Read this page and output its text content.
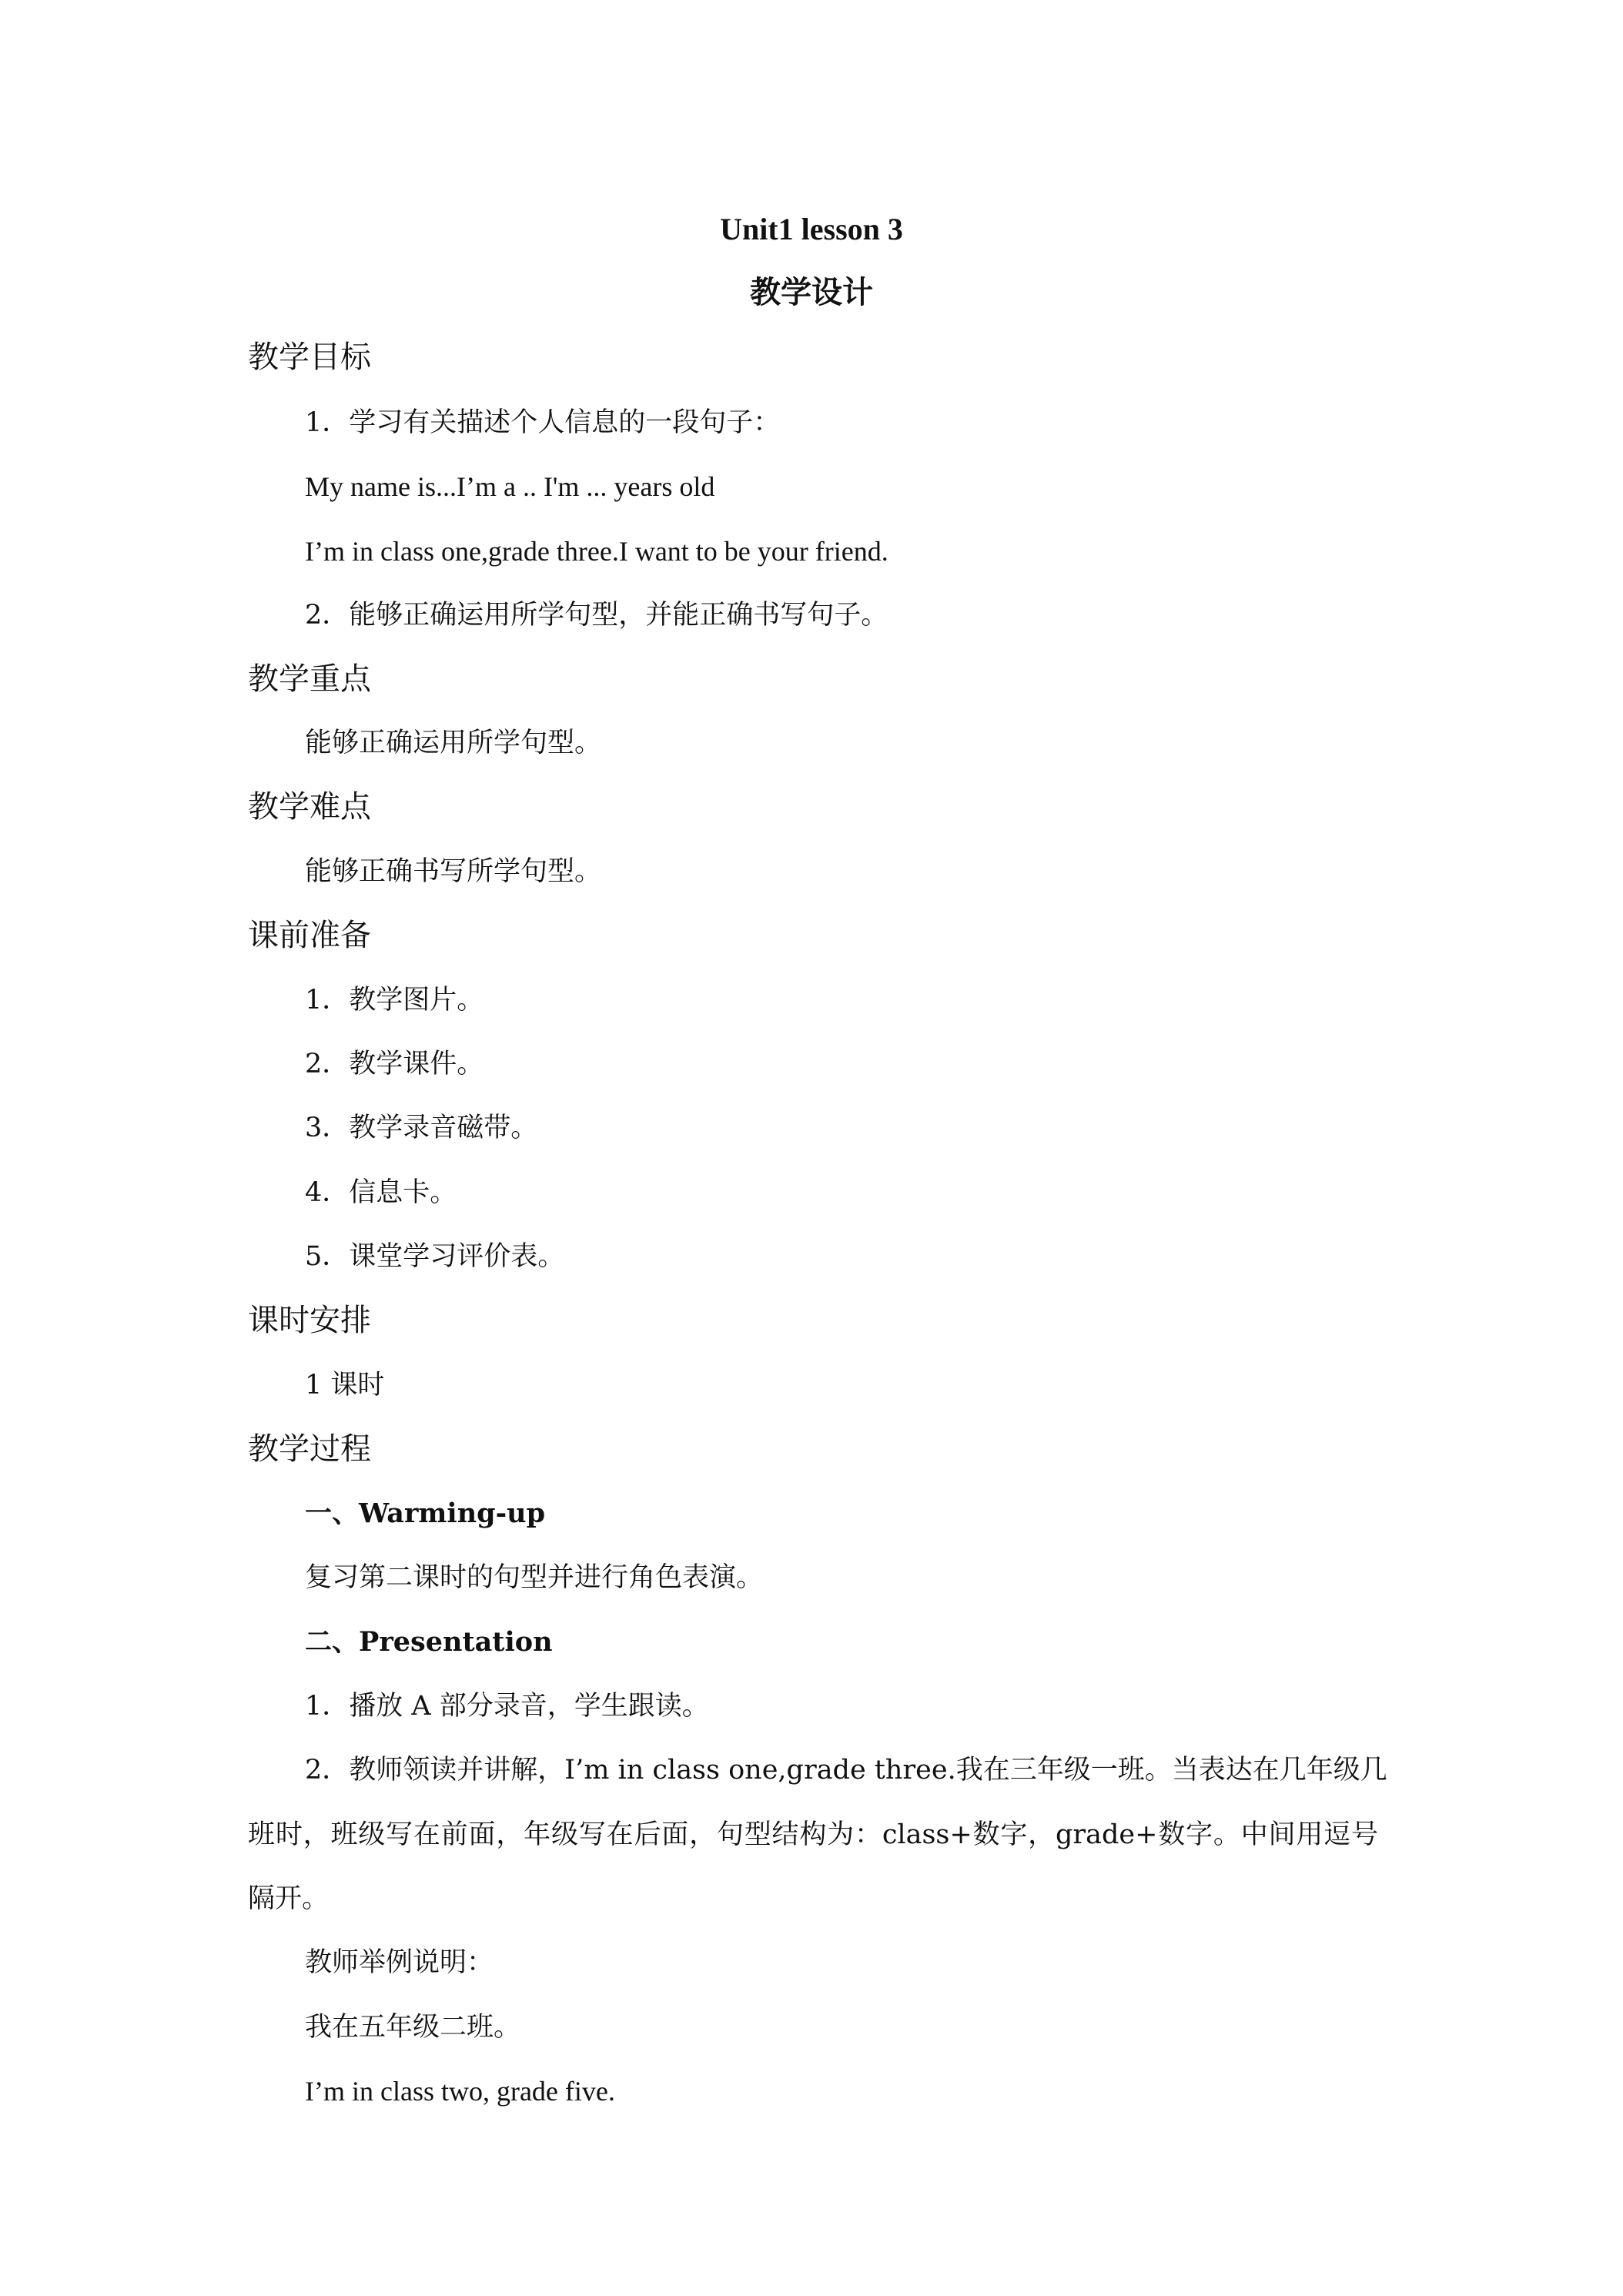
Unit1 lesson 3
教学设计
教学目标
1．学习有关描述个人信息的一段句子：
My name is...I’m a .. I'm ... years old
I’m in class one,grade three.I want to be your friend.
2．能够正确运用所学句型，并能正确书写句子。
教学重点
能够正确运用所学句型。
教学难点
能够正确书写所学句型。
课前准备
1．教学图片。
2．教学课件。
3．教学录音磁带。
4．信息卡。
5．课堂学习评价表。
课时安排
1 课时
教学过程
一、Warming-up
复习第二课时的句型并进行角色表演。
二、Presentation
1．播放 A 部分录音，学生跟读。
2．教师领读并讲解，I’m in class one,grade three.我在三年级一班。当表达在几年级几
班时，班级写在前面，年级写在后面，句型结构为：class+数字，grade+数字。中间用逗号
隔开。
教师举例说明：
我在五年级二班。
I’m in class two, grade five.
